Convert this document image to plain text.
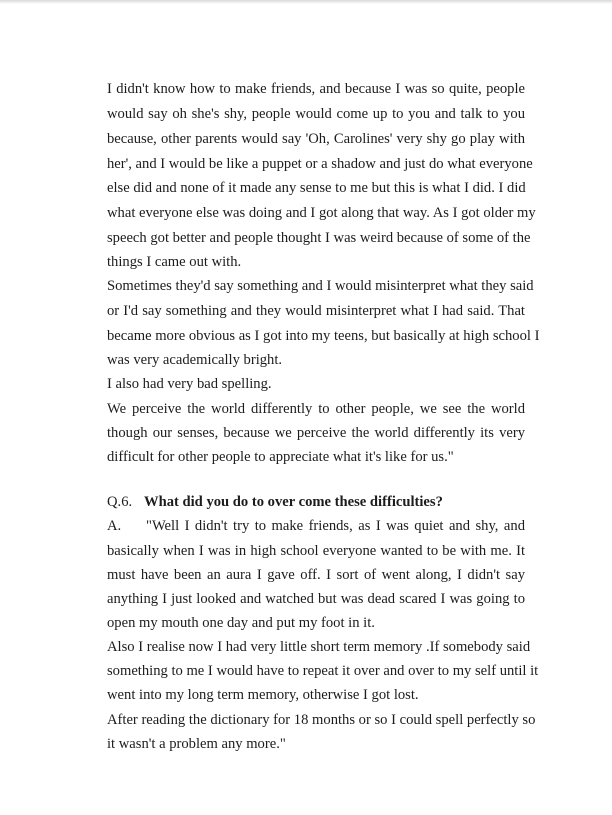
I didn't know how to make friends, and because I was so quite, people
would say oh she's shy, people would come up to you and talk to you
because, other parents would say 'Oh, Carolines' very shy go play with
her', and I would be like a puppet or a shadow and just do what everyone
else did and none of it made any sense to me but this is what I did. I did
what everyone else was doing and I got along that way. As I got older my
speech got better and people thought I was weird because of some of the
things I came out with.
Sometimes they'd say something and I would misinterpret what they said
or I'd say something and they would misinterpret what I had said. That
became more obvious as I got into my teens, but basically at high school I
was very academically bright.
I also had very bad spelling.
We perceive the world differently to other people, we see the world
though our senses, because we perceive the world differently its very
difficult for other people to appreciate what it's like for us."
Q.6. What did you do to over come these difficulties?
A. "Well I didn't try to make friends, as I was quiet and shy, and
basically when I was in high school everyone wanted to be with me. It
must have been an aura I gave off. I sort of went along, I didn't say
anything I just looked and watched but was dead scared I was going to
open my mouth one day and put my foot in it.
Also I realise now I had very little short term memory .If somebody said
something to me I would have to repeat it over and over to my self until it
went into my long term memory, otherwise I got lost.
After reading the dictionary for 18 months or so I could spell perfectly so
it wasn't a problem any more."
